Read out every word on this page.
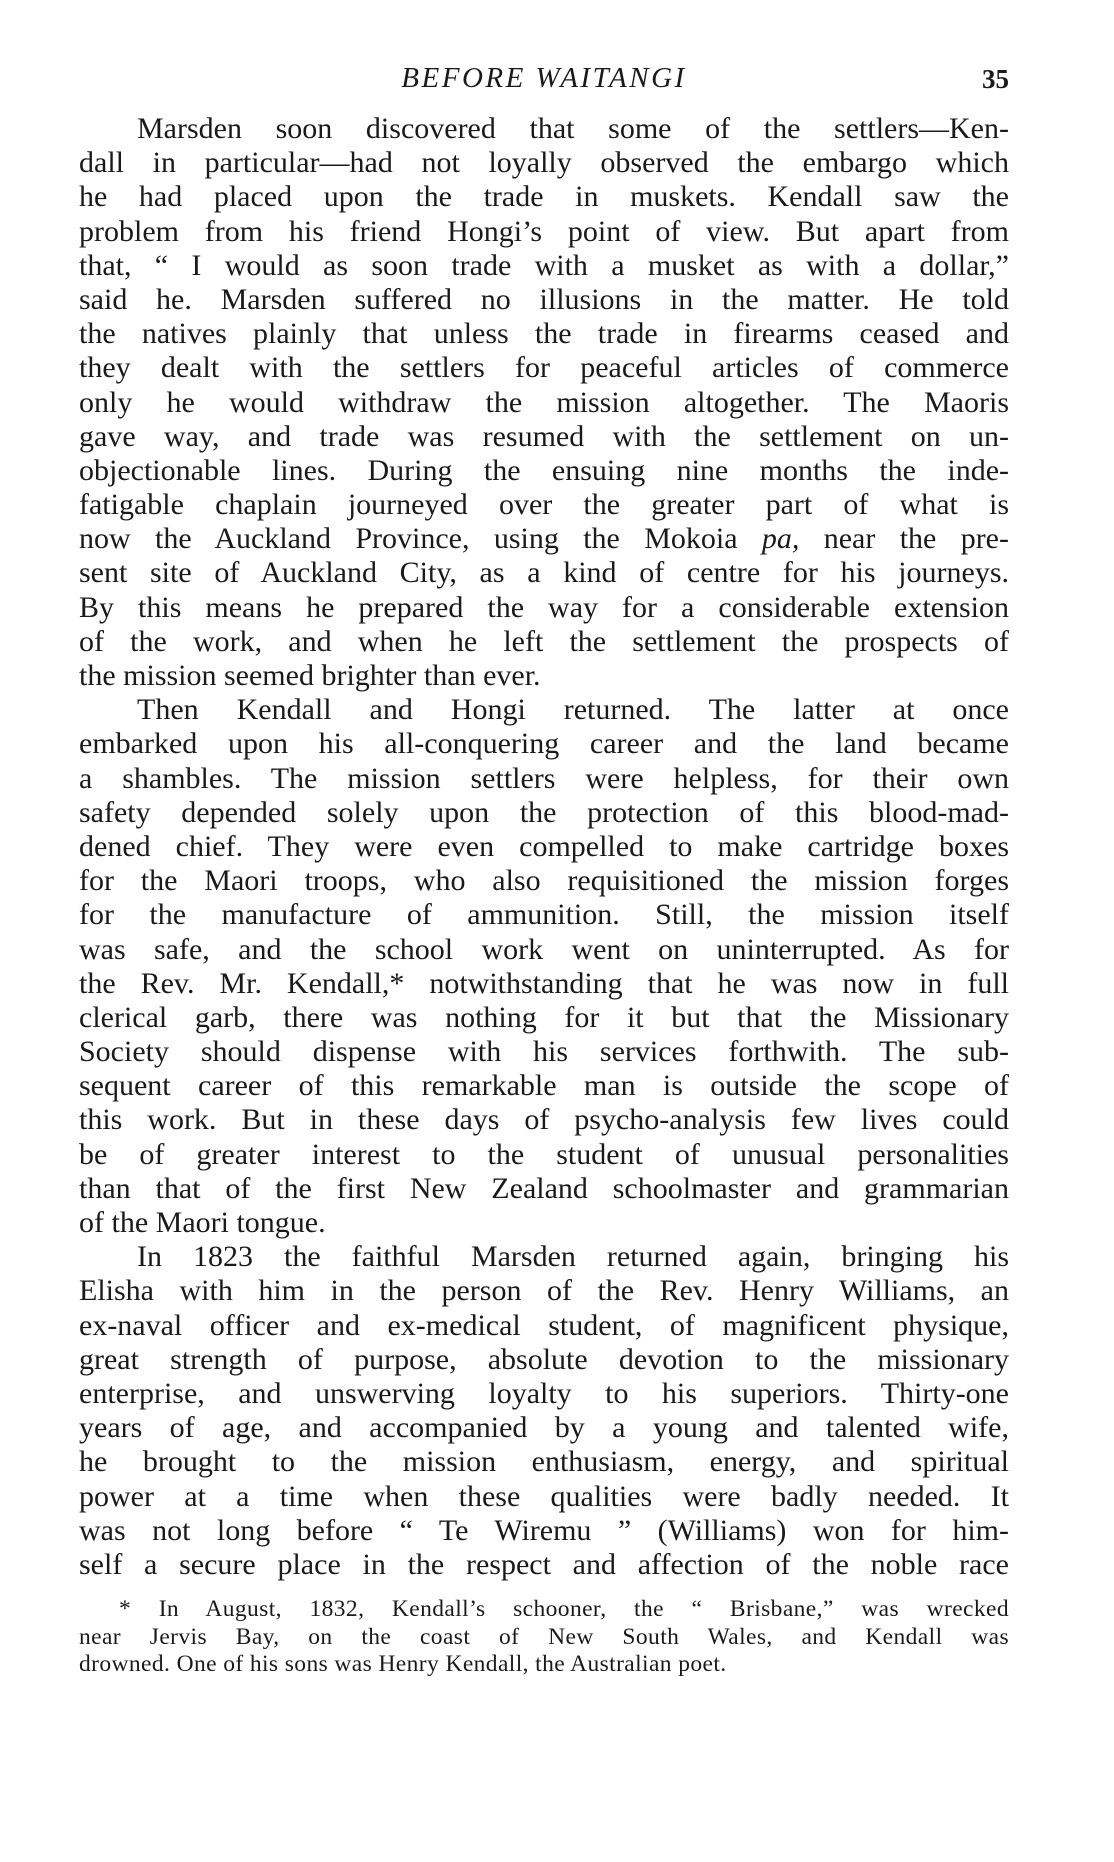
BEFORE WAITANGI	35
Marsden soon discovered that some of the settlers—Ken-
dall in particular—had not loyally observed the embargo which
he had placed upon the trade in muskets. Kendall saw the
problem from his friend Hongi’s point of view. But apart from
that, “ I would as soon trade with a musket as with a dollar,”
said he. Marsden suffered no illusions in the matter. He told
the natives plainly that unless the trade in firearms ceased and
they dealt with the settlers for peaceful articles of commerce
only he would withdraw the mission altogether. The Maoris
gave way, and trade was resumed with the settlement on un-
objectionable lines. During the ensuing nine months the inde-
fatigable chaplain journeyed over the greater part of what is
now the Auckland Province, using the Mokoia pa, near the pre-
sent site of Auckland City, as a kind of centre for his journeys.
By this means he prepared the way for a considerable extension
of the work, and when he left the settlement the prospects of
the mission seemed brighter than ever.
Then Kendall and Hongi returned. The latter at once
embarked upon his all-conquering career and the land became
a shambles. The mission settlers were helpless, for their own
safety depended solely upon the protection of this blood-mad-
dened chief. They were even compelled to make cartridge boxes
for the Maori troops, who also requisitioned the mission forges
for the manufacture of ammunition. Still, the mission itself
was safe, and the school work went on uninterrupted. As for
the Rev. Mr. Kendall,* notwithstanding that he was now in full
clerical garb, there was nothing for it but that the Missionary
Society should dispense with his services forthwith. The sub-
sequent career of this remarkable man is outside the scope of
this work. But in these days of psycho-analysis few lives could
be of greater interest to the student of unusual personalities
than that of the first New Zealand schoolmaster and grammarian
of the Maori tongue.
In 1823 the faithful Marsden returned again, bringing his
Elisha with him in the person of the Rev. Henry Williams, an
ex-naval officer and ex-medical student, of magnificent physique,
great strength of purpose, absolute devotion to the missionary
enterprise, and unswerving loyalty to his superiors. Thirty-one
years of age, and accompanied by a young and talented wife,
he brought to the mission enthusiasm, energy, and spiritual
power at a time when these qualities were badly needed. It
was not long before “ Te Wiremu ” (Williams) won for him-
self a secure place in the respect and affection of the noble race
* In August, 1832, Kendall’s schooner, the “ Brisbane,” was wrecked
near Jervis Bay, on the coast of New South Wales, and Kendall was
drowned. One of his sons was Henry Kendall, the Australian poet.
